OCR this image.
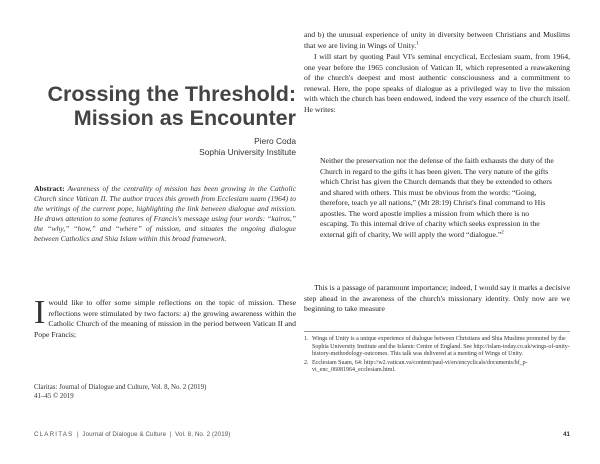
Crossing the Threshold:
Mission as Encounter
Piero Coda
Sophia University Institute

Abstract: Awareness of the centrality of mission has been growing in the Catholic Church since Vatican II. The author traces this growth from Ecclesiam suam (1964) to the writings of the current pope, highlighting the link between dialogue and mission. He draws attention to some features of Francis's message using four words: “kairos,” the “why,” “how,” and “where” of mission, and situates the ongoing dialogue between Catholics and Shia Islam within this broad framework.

Iwould like to offer some simple reflections on the topic of mission. These reflections were stimulated by two factors: a) the growing awareness within the Catholic Church of the meaning of mission in the period between Vatican II and Pope Francis;

Claritas: Journal of Dialogue and Culture, Vol. 8, No. 2 (2019)
41–45 © 2019

and b) the unusual experience of unity in diversity between Christians and Muslims that we are living in Wings of Unity.$^1$

I will start by quoting Paul VI's seminal encyclical, Ecclesiam suam, from 1964, one year before the 1965 conclusion of Vatican II, which represented a reawakening of the church's deepest and most authentic consciousness and a commitment to renewal. Here, the pope speaks of dialogue as a privileged way to live the mission with which the church has been endowed, indeed the very essence of the church itself. He writes:

Neither the preservation nor the defense of the faith exhausts the duty of the Church in regard to the gifts it has been given. The very nature of the gifts which Christ has given the Church demands that they be extended to others and shared with others. This must be obvious from the words: “Going, therefore, teach ye all nations,” (Mt 28:19) Christ's final command to His apostles. The word apostle implies a mission from which there is no escaping. To this internal drive of charity which seeks expression in the external gift of charity, We will apply the word “dialogue.”$^2$

This is a passage of paramount importance; indeed, I would say it marks a decisive step ahead in the awareness of the church's missionary identity. Only now are we beginning to take measure

1. Wings of Unity is a unique experience of dialogue between Christians and Shia Muslims promoted by the Sophia University Institute and the Islamic Centre of England. See http://islam-today.co.uk/wings-of-unity-history-methodology-outcomes. This talk was delivered at a meeting of Wings of Unity.
2. Ecclesiam Suam, 64: http://w2.vatican.va/content/paul-vi/en/encyclicals/documents/hf_p-vi_enc_06081964_ecclesiam.html.
CLARITAS | Journal of Dialogue & Culture | Vol. 8, No. 2 (2019)	41
